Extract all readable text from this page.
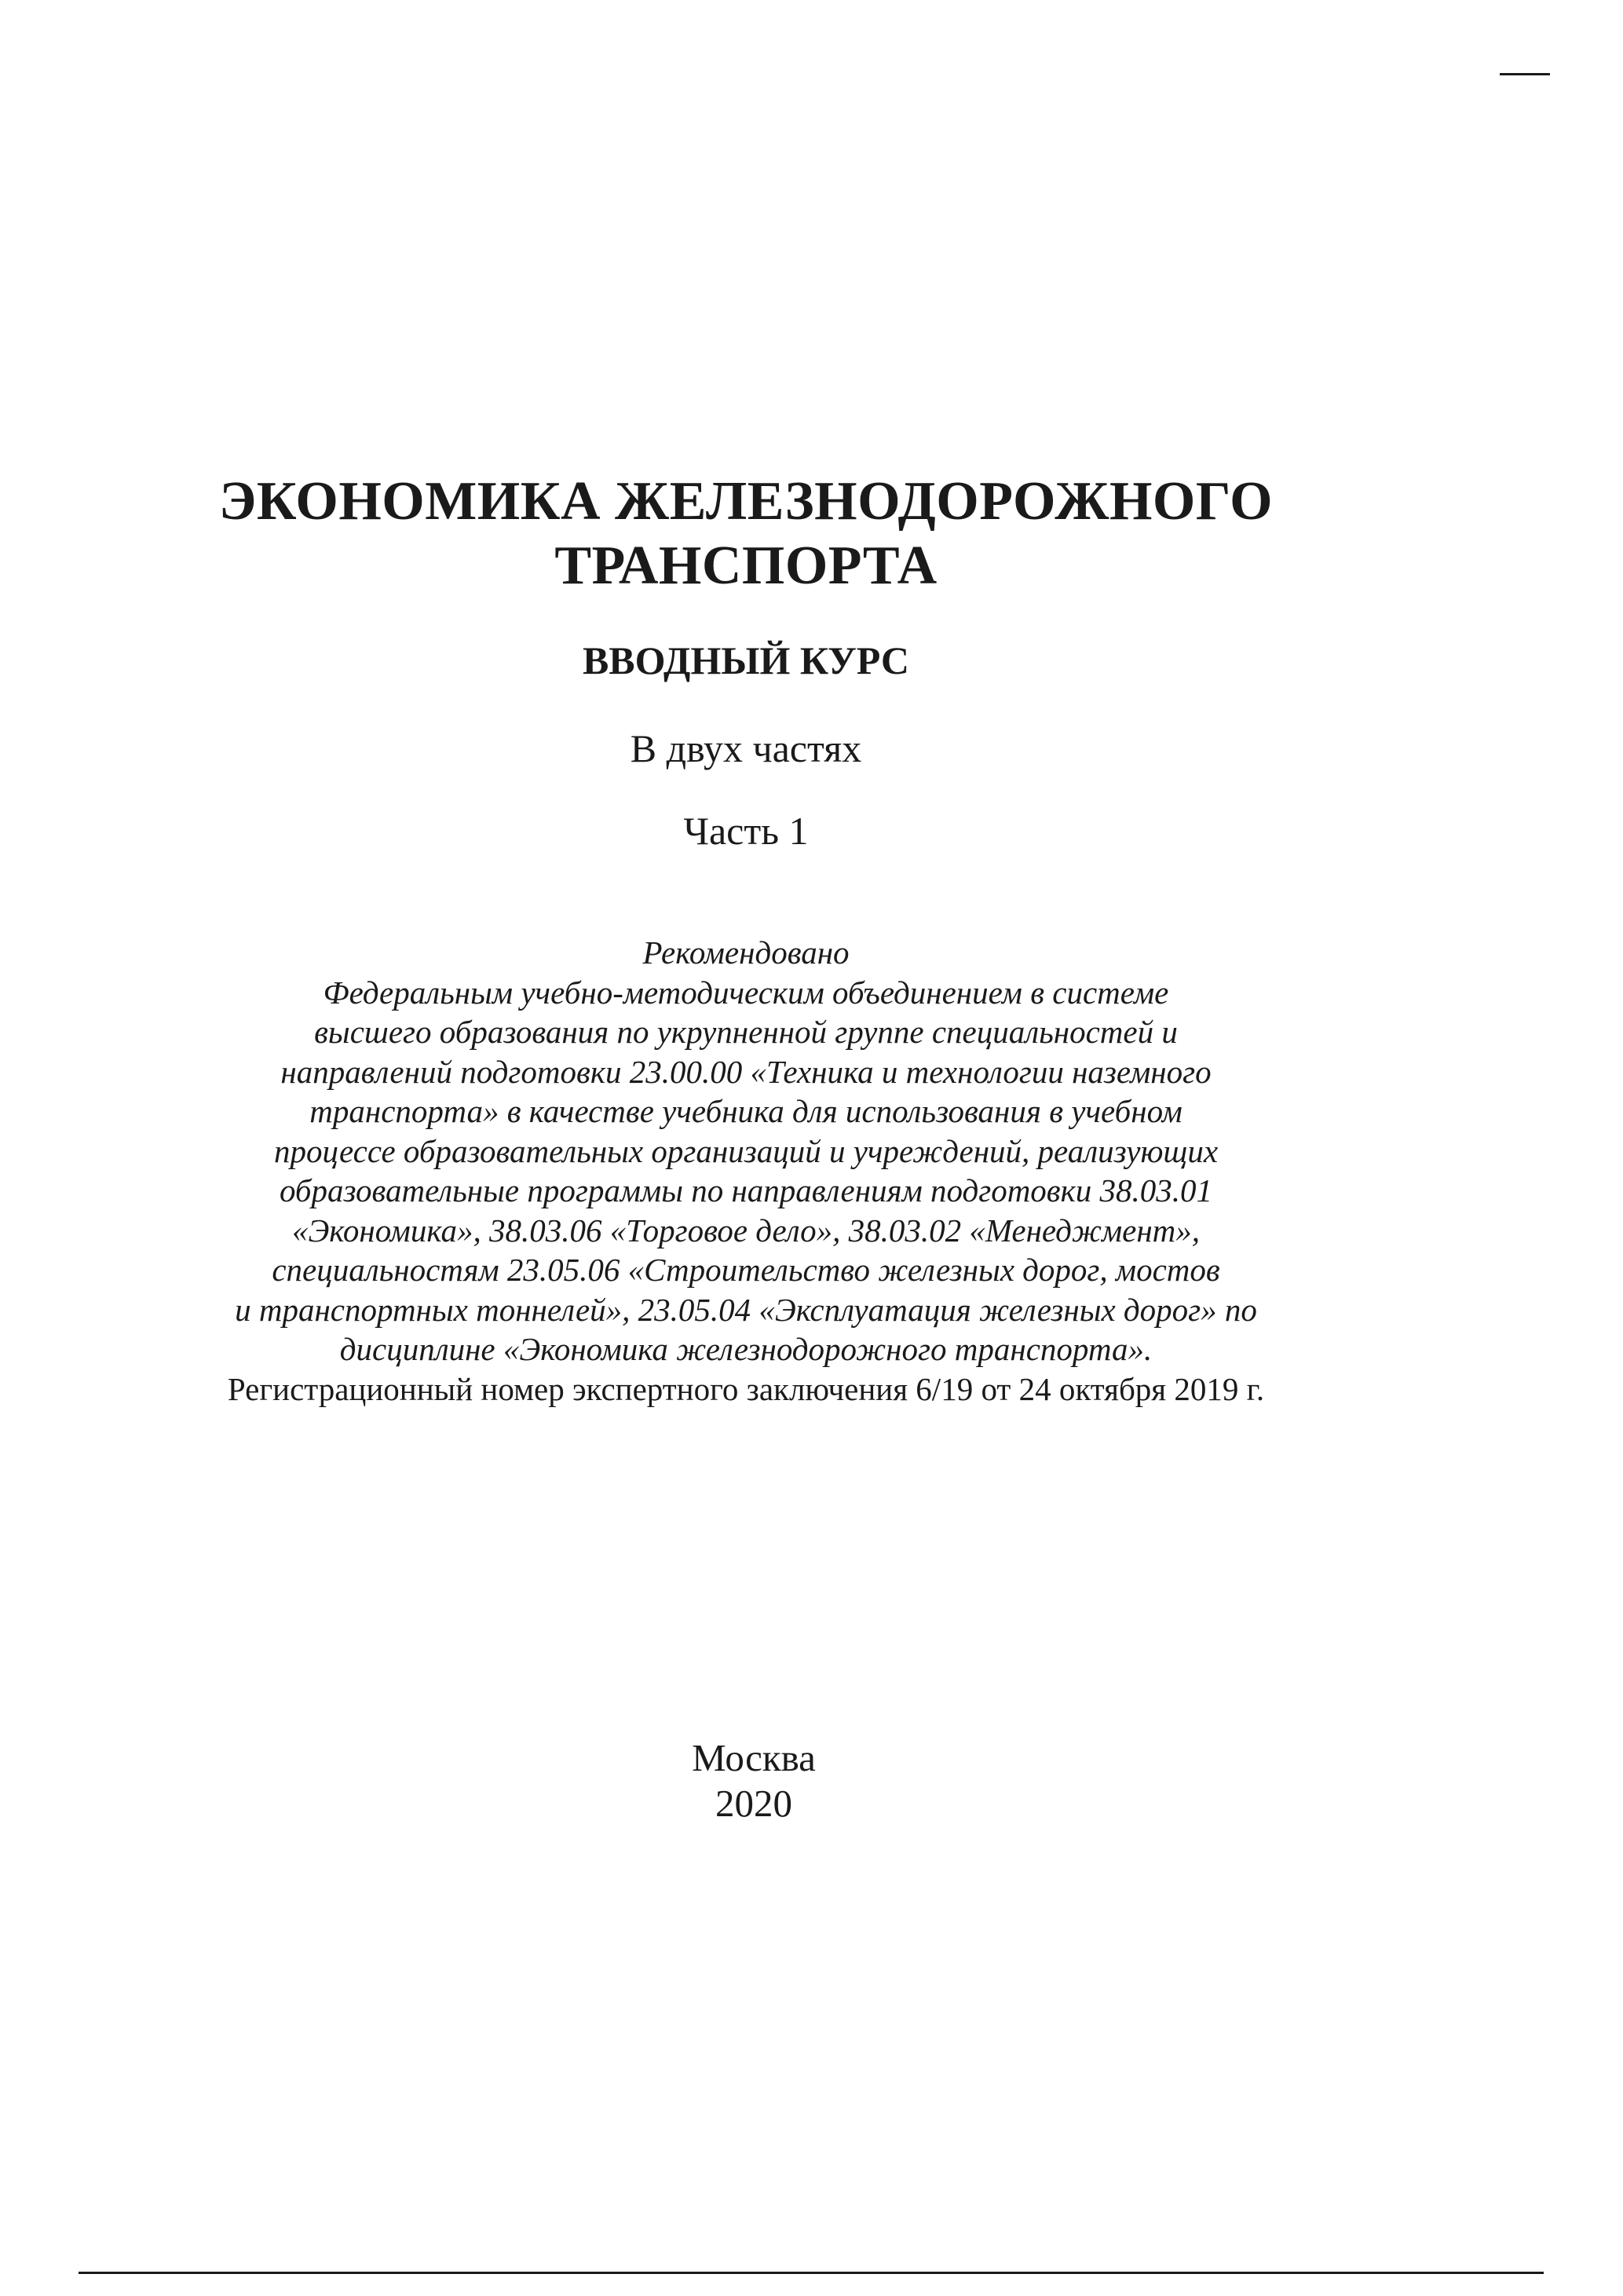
ЭКОНОМИКА ЖЕЛЕЗНОДОРОЖНОГО
ТРАНСПОРТА
ВВОДНЫЙ КУРС
В двух частях
Часть 1
Рекомендовано
Федеральным учебно-методическим объединением в системе
высшего образования по укрупненной группе специальностей и
направлений подготовки 23.00.00 «Техника и технологии наземного
транспорта» в качестве учебника для использования в учебном
процессе образовательных организаций и учреждений, реализующих
образовательные программы по направлениям подготовки 38.03.01
«Экономика», 38.03.06 «Торговое дело», 38.03.02 «Менеджмент»,
специальностям 23.05.06 «Строительство железных дорог, мостов
и транспортных тоннелей», 23.05.04 «Эксплуатация железных дорог» по
дисциплине «Экономика железнодорожного транспорта».
Регистрационный номер экспертного заключения 6/19 от 24 октября 2019 г.
Москва
2020
